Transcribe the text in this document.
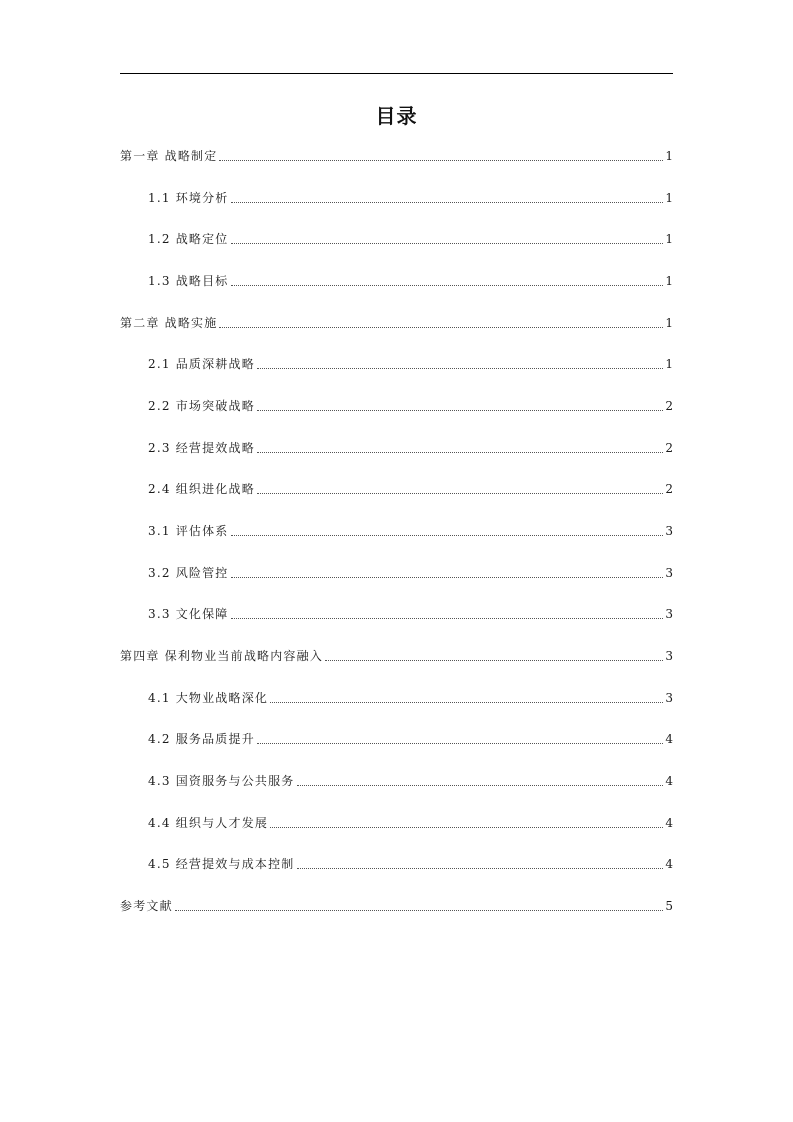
目录
第一章 战略制定	1
1.1 环境分析	1
1.2 战略定位	1
1.3 战略目标	1
第二章 战略实施	1
2.1 品质深耕战略	1
2.2 市场突破战略	2
2.3 经营提效战略	2
2.4 组织进化战略	2
3.1 评估体系	3
3.2 风险管控	3
3.3 文化保障	3
第四章 保利物业当前战略内容融入	3
4.1 大物业战略深化	3
4.2 服务品质提升	4
4.3 国资服务与公共服务	4
4.4 组织与人才发展	4
4.5 经营提效与成本控制	4
参考文献	5
